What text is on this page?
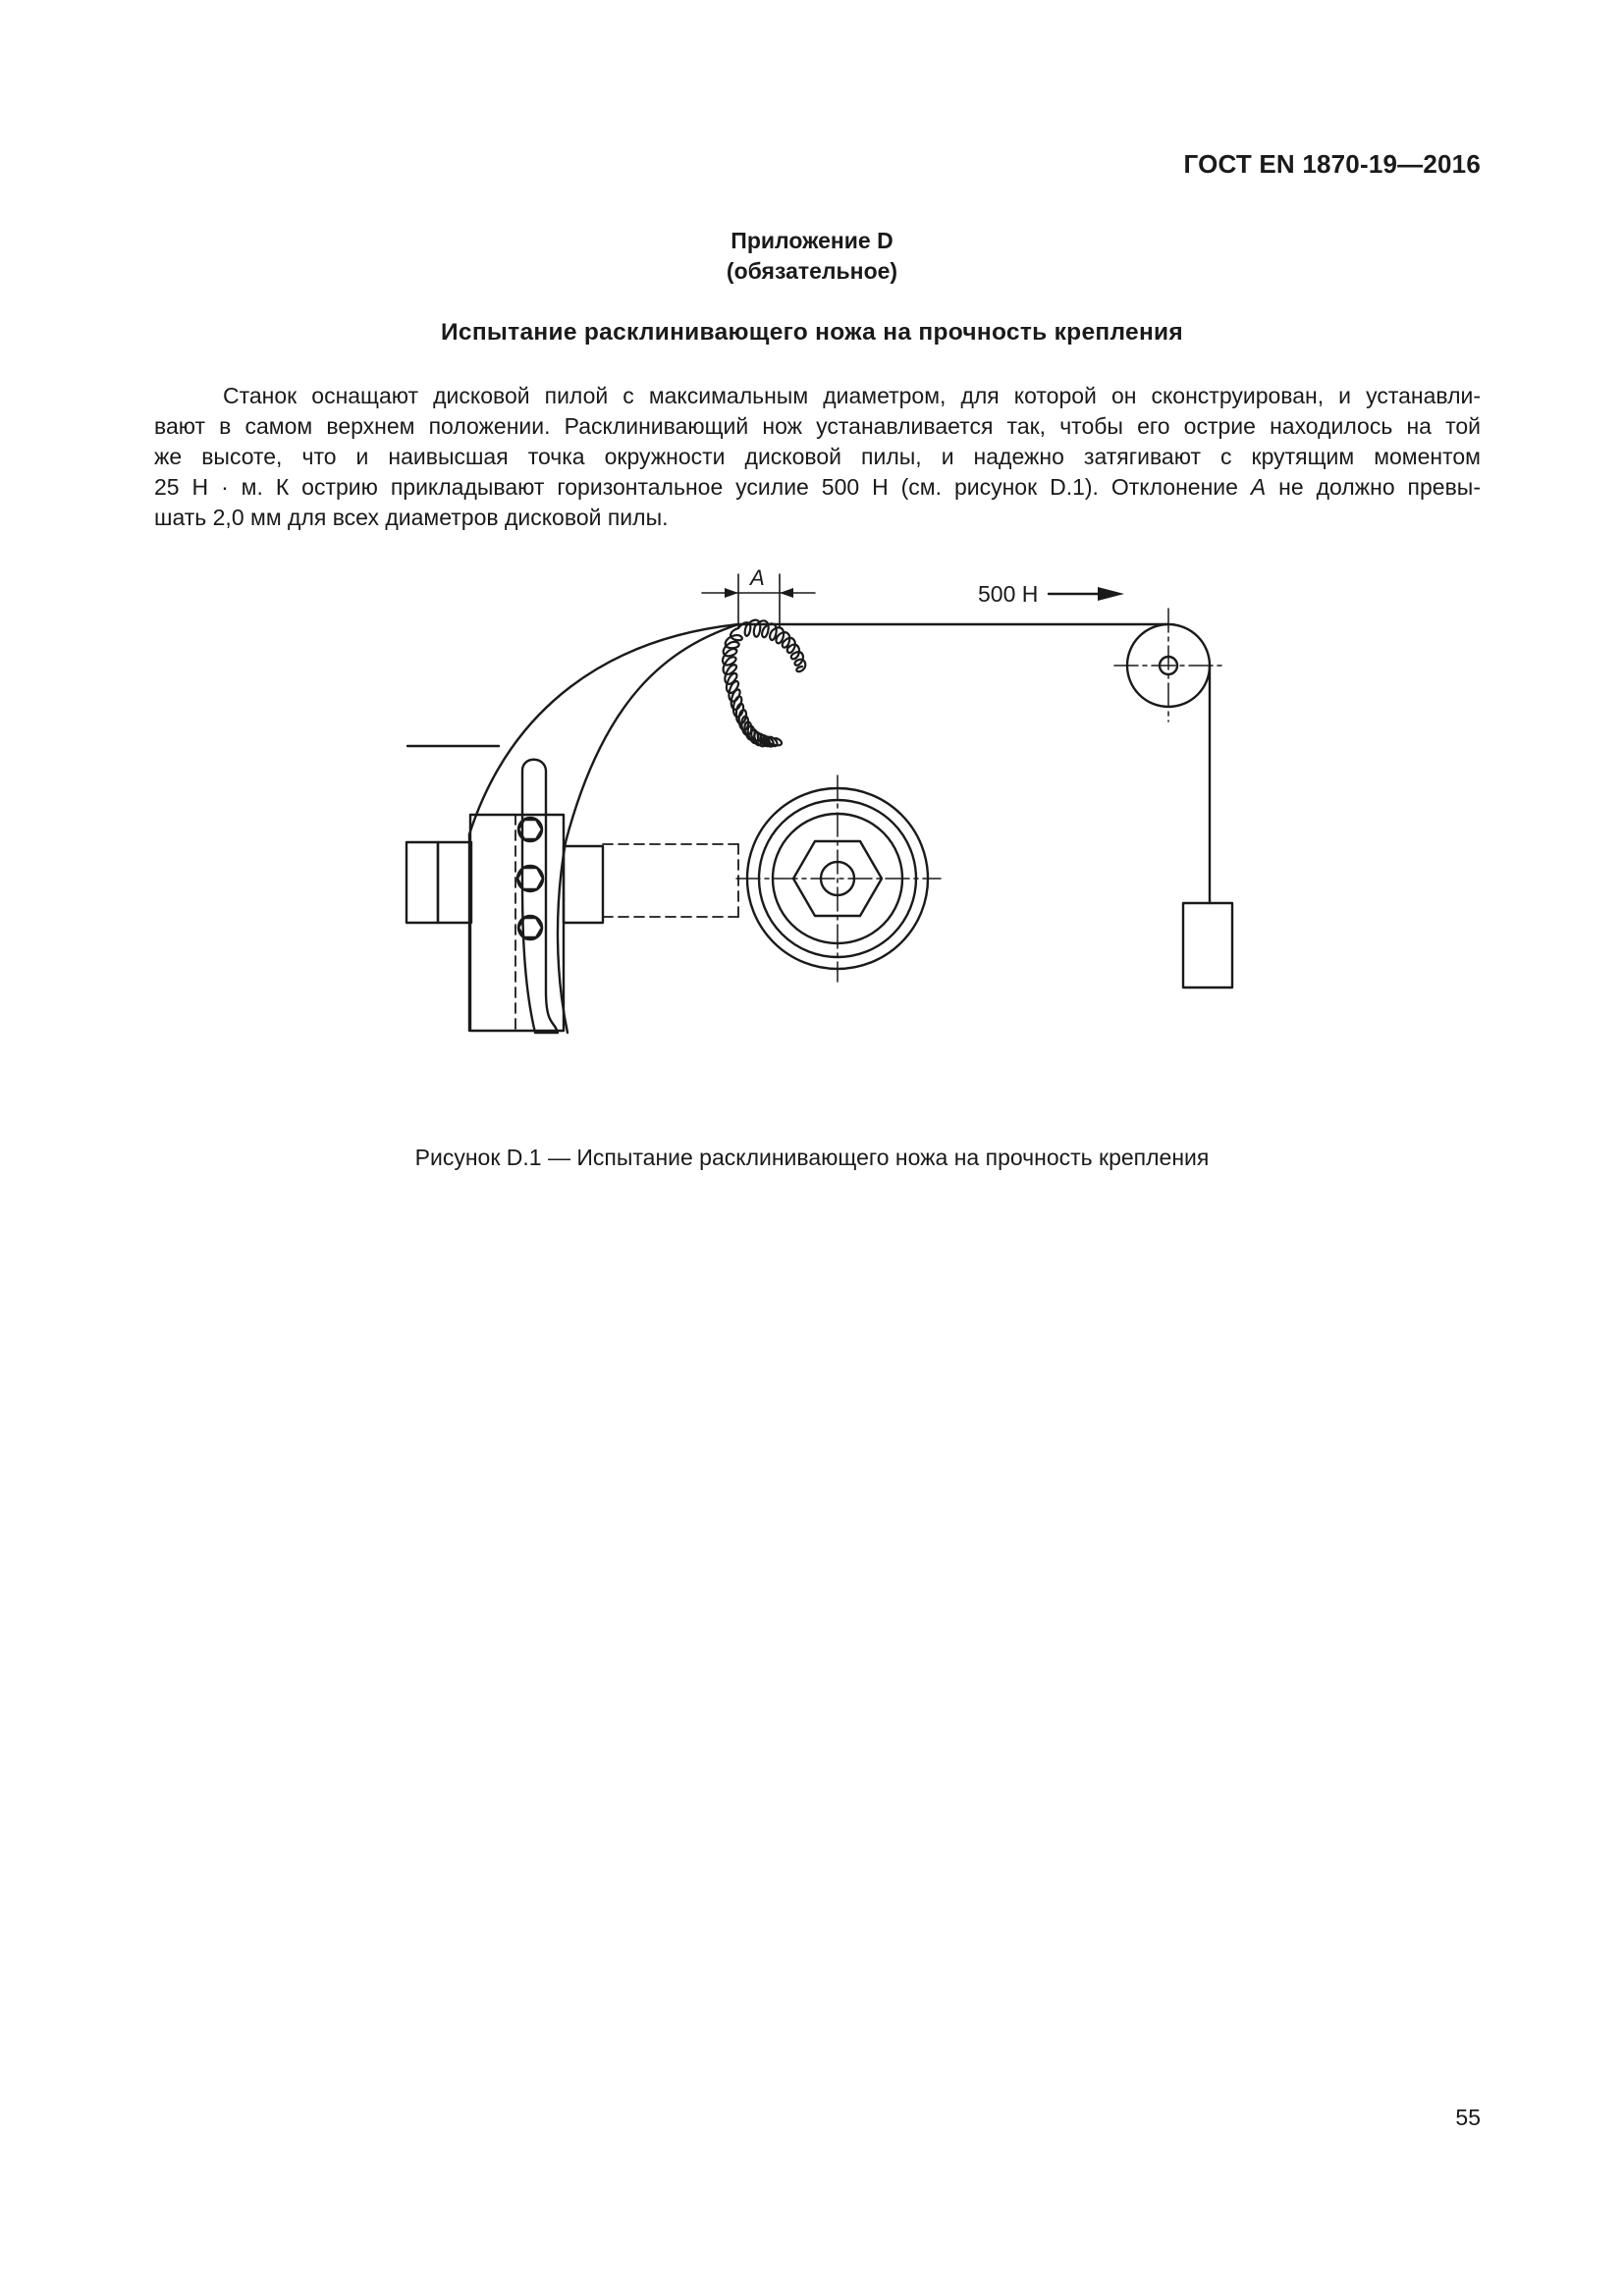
ГОСТ EN 1870-19—2016
Приложение D
(обязательное)
Испытание расклинивающего ножа на прочность крепления
Станок оснащают дисковой пилой с максимальным диаметром, для которой он сконструирован, и устанавли-
вают в самом верхнем положении. Расклинивающий нож устанавливается так, чтобы его острие находилось на той
же высоте, что и наивысшая точка окружности дисковой пилы, и надежно затягивают с крутящим моментом
25 Н · м. К острию прикладывают горизонтальное усилие 500 Н (см. рисунок D.1). Отклонение A не должно превы-
шать 2,0 мм для всех диаметров дисковой пилы.
A
500 Н
Рисунок D.1 — Испытание расклинивающего ножа на прочность крепления
55
